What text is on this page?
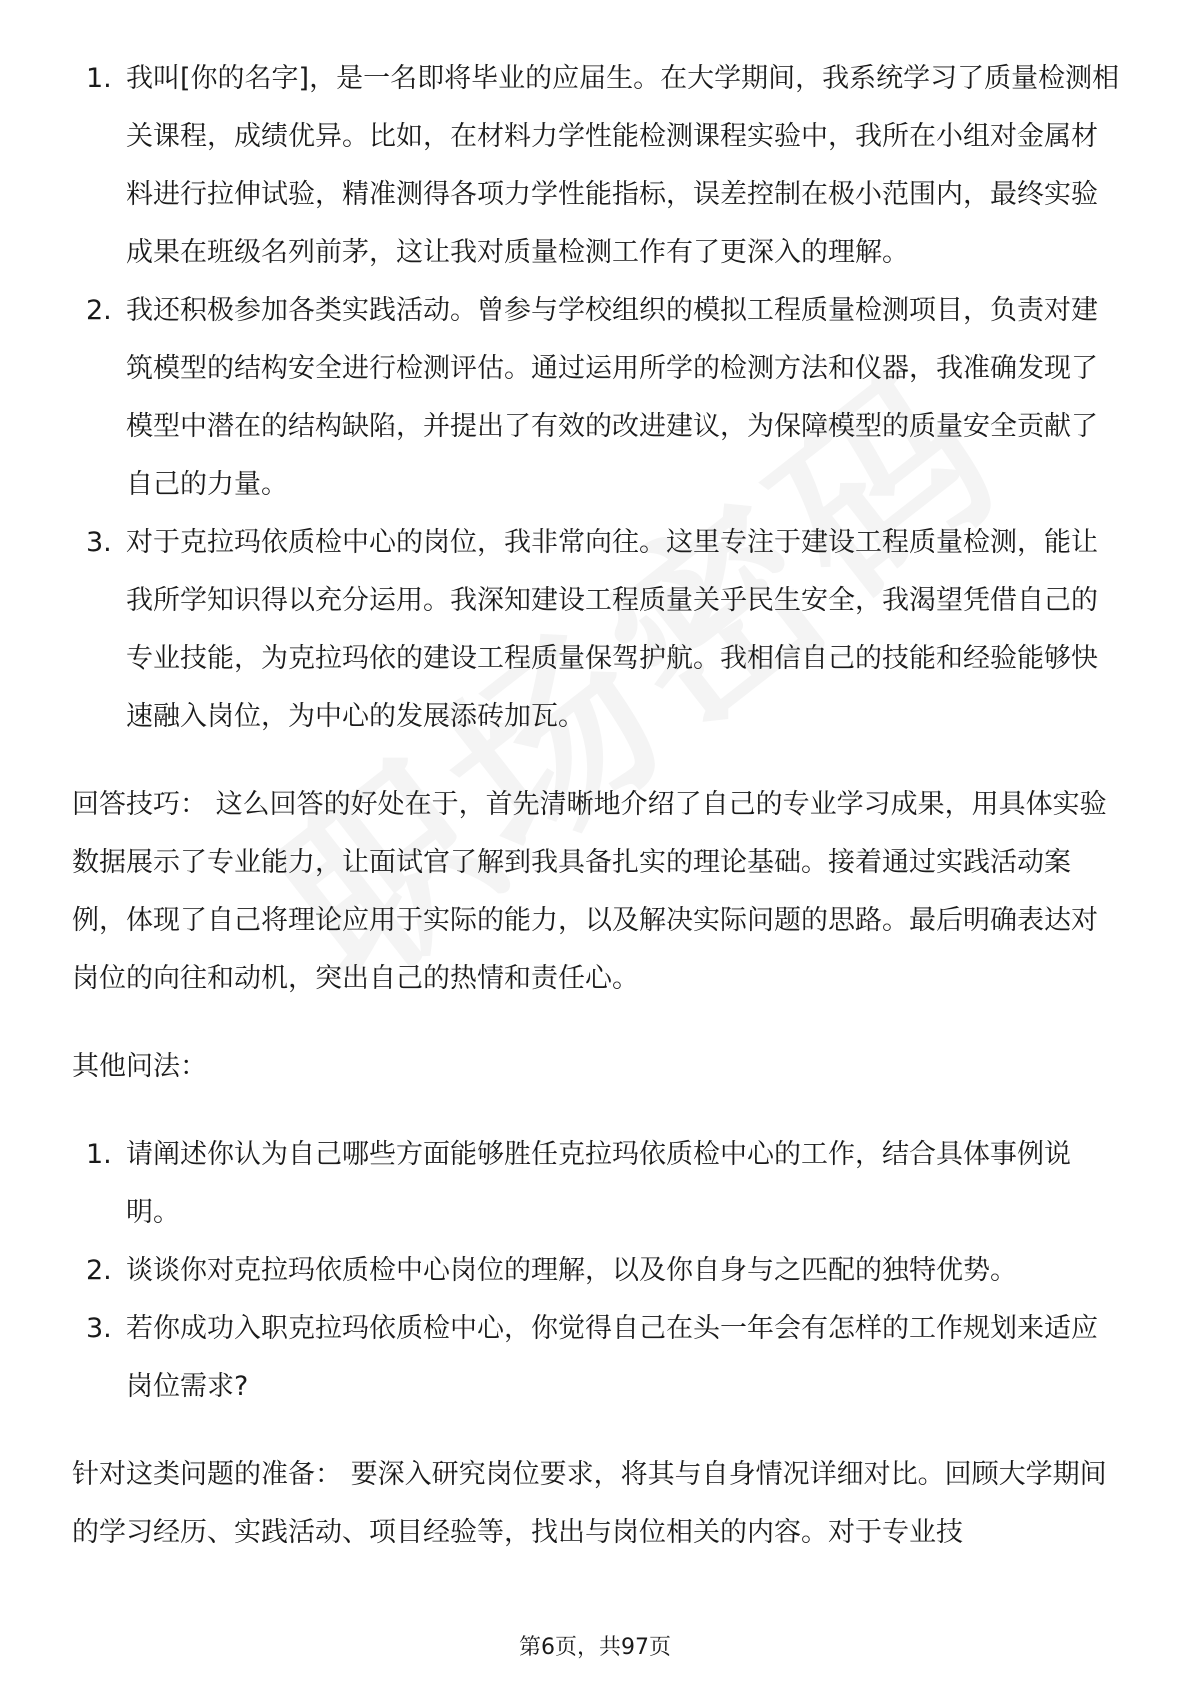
1. 我叫[你的名字]，是一名即将毕业的应届生。在大学期间，我系统学习了质量检测相关课程，成绩优异。比如，在材料力学性能检测课程实验中，我所在小组对金属材料进行拉伸试验，精准测得各项力学性能指标，误差控制在极小范围内，最终实验成果在班级名列前茅，这让我对质量检测工作有了更深入的理解。
2. 我还积极参加各类实践活动。曾参与学校组织的模拟工程质量检测项目，负责对建筑模型的结构安全进行检测评估。通过运用所学的检测方法和仪器，我准确发现了模型中潜在的结构缺陷，并提出了有效的改进建议，为保障模型的质量安全贡献了自己的力量。
3. 对于克拉玛依质检中心的岗位，我非常向往。这里专注于建设工程质量检测，能让我所学知识得以充分运用。我深知建设工程质量关乎民生安全，我渴望凭借自己的专业技能，为克拉玛依的建设工程质量保驾护航。我相信自己的技能和经验能够快速融入岗位，为中心的发展添砖加瓦。

回答技巧： 这么回答的好处在于，首先清晰地介绍了自己的专业学习成果，用具体实验数据展示了专业能力，让面试官了解到我具备扎实的理论基础。接着通过实践活动案例，体现了自己将理论应用于实际的能力，以及解决实际问题的思路。最后明确表达对岗位的向往和动机，突出自己的热情和责任心。

其他问法：

1. 请阐述你认为自己哪些方面能够胜任克拉玛依质检中心的工作，结合具体事例说明。
2. 谈谈你对克拉玛依质检中心岗位的理解，以及你自身与之匹配的独特优势。
3. 若你成功入职克拉玛依质检中心，你觉得自己在头一年会有怎样的工作规划来适应岗位需求?

针对这类问题的准备： 要深入研究岗位要求，将其与自身情况详细对比。回顾大学期间的学习经历、实践活动、项目经验等，找出与岗位相关的内容。对于专业技

第6页，共97页
